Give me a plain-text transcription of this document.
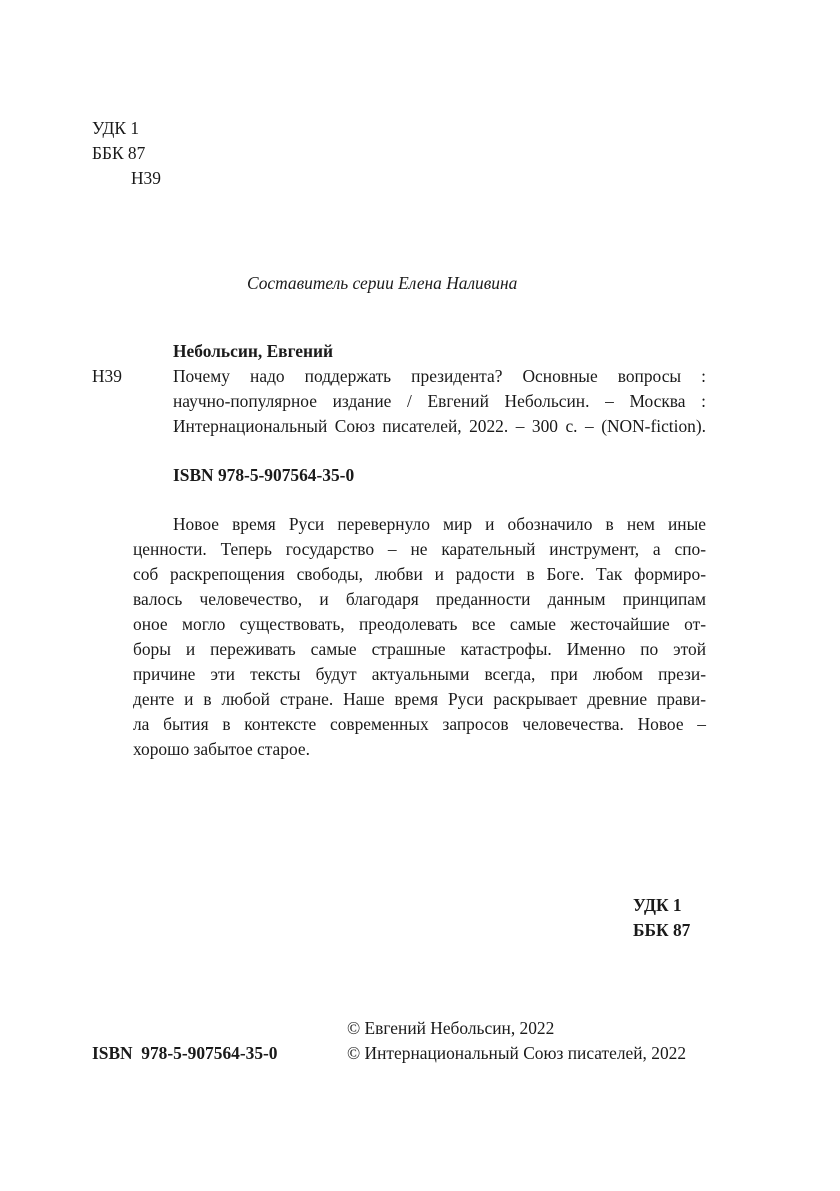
УДК 1
ББК 87
Н39
Составитель серии Елена Наливина
Небольсин, Евгений
Н39	Почему надо поддержать президента? Основные вопросы :
научно-популярное издание / Евгений Небольсин. – Москва :
Интернациональный Союз писателей, 2022. – 300 с. – (NON-fiction).
ISBN 978-5-907564-35-0
Новое время Руси перевернуло мир и обозначило в нем иные
ценности. Теперь государство – не карательный инструмент, а спо-
соб раскрепощения свободы, любви и радости в Боге. Так формиро-
валось человечество, и благодаря преданности данным принципам
оное могло существовать, преодолевать все самые жесточайшие от-
боры и переживать самые страшные катастрофы. Именно по этой
причине эти тексты будут актуальными всегда, при любом прези-
денте и в любой стране. Наше время Руси раскрывает древние прави-
ла бытия в контексте современных запросов человечества. Новое –
хорошо забытое старое.
УДК 1
ББК 87
© Евгений Небольсин, 2022
© Интернациональный Союз писателей, 2022
ISBN  978-5-907564-35-0
